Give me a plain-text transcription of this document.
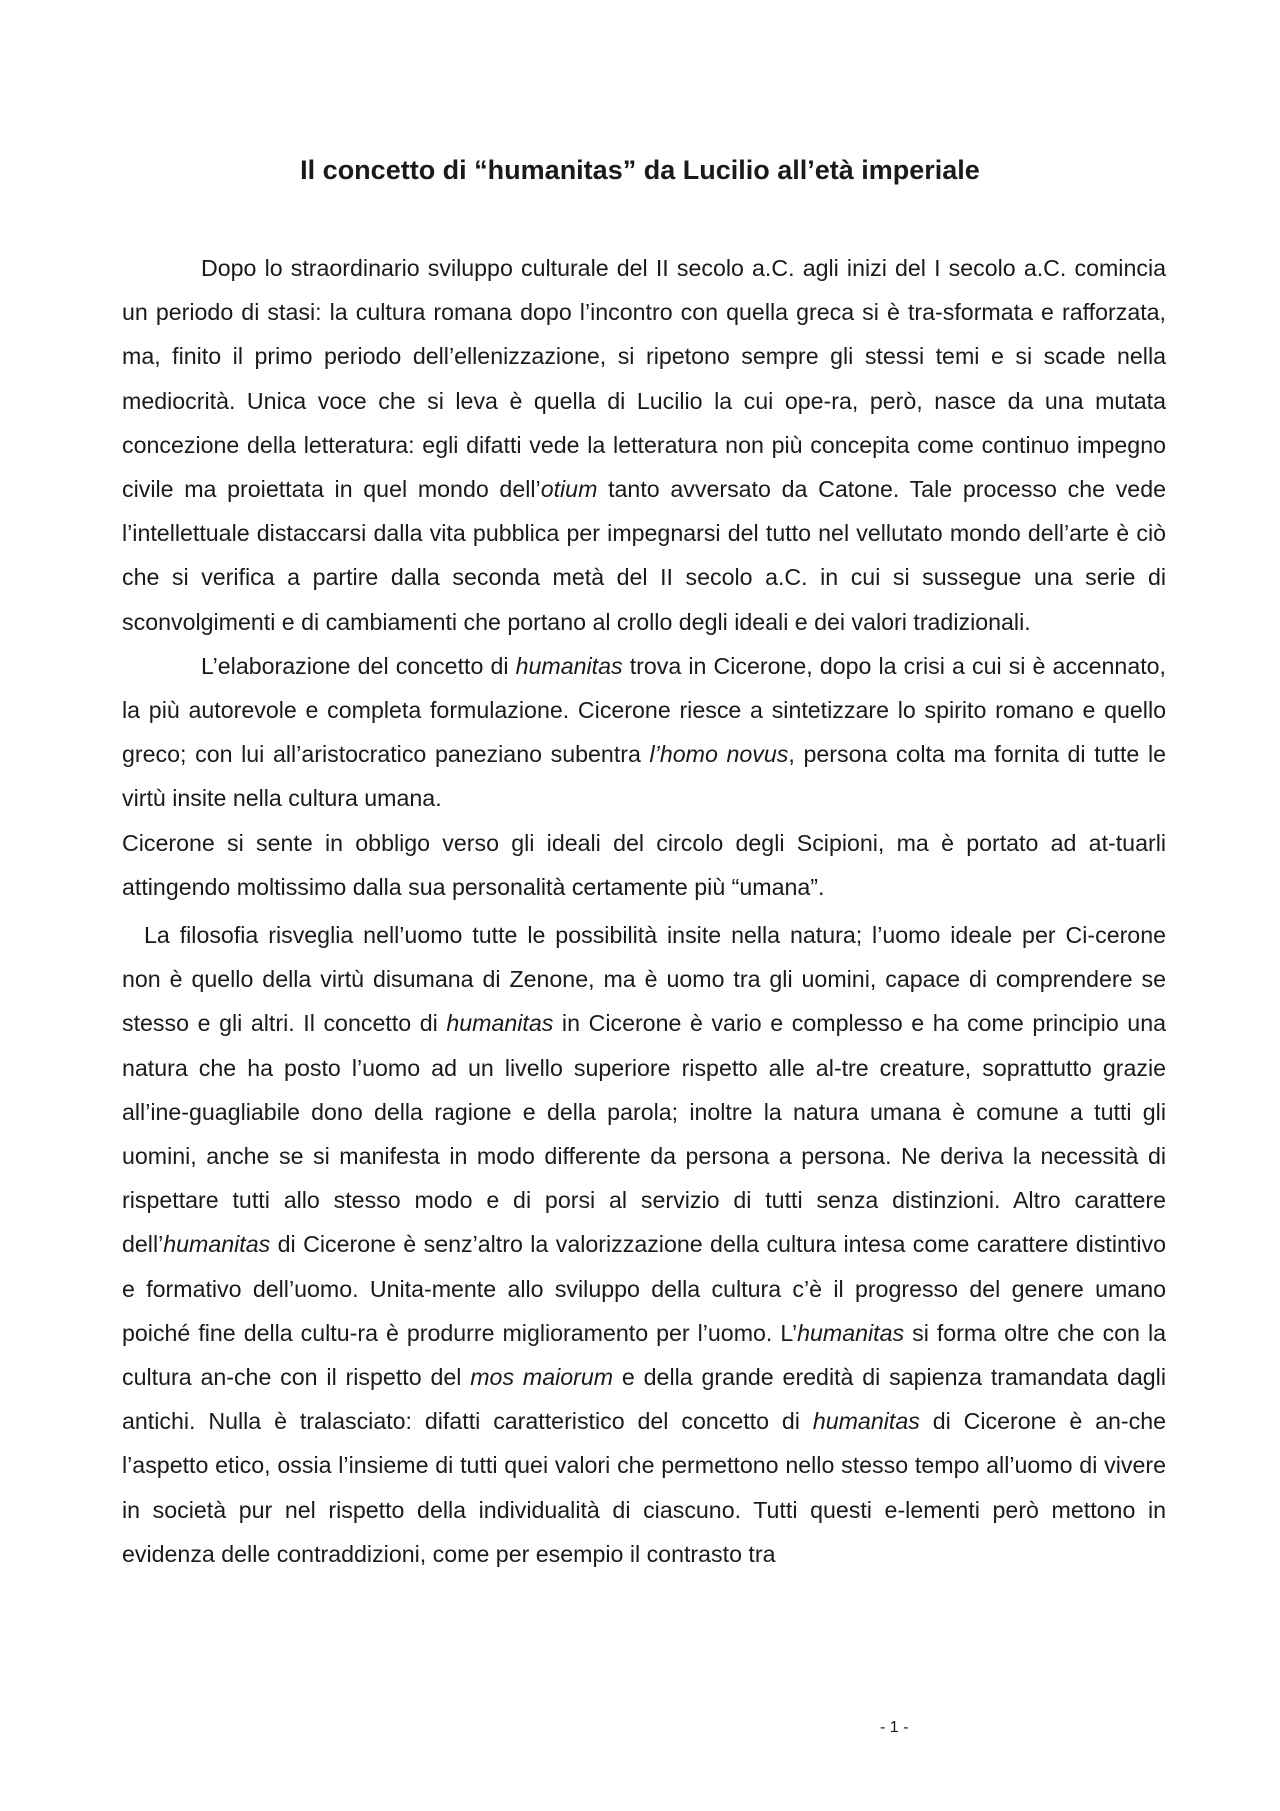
Il concetto di “humanitas” da Lucilio all’età imperiale

Dopo lo straordinario sviluppo culturale del II secolo a.C. agli inizi del I secolo a.C. comincia un periodo di stasi: la cultura romana dopo l’incontro con quella greca si è tra-sformata e rafforzata, ma, finito il primo periodo dell’ellenizzazione, si ripetono sempre gli stessi temi e si scade nella mediocrità. Unica voce che si leva è quella di Lucilio la cui ope-ra, però, nasce da una mutata concezione della letteratura: egli difatti vede la letteratura non più concepita come continuo impegno civile ma proiettata in quel mondo dell’otium tanto avversato da Catone. Tale processo che vede l’intellettuale distaccarsi dalla vita pubblica per impegnarsi del tutto nel vellutato mondo dell’arte è ciò che si verifica a partire dalla seconda metà del II secolo a.C. in cui si sussegue una serie di sconvolgimenti e di cambiamenti che portano al crollo degli ideali e dei valori tradizionali.

L’elaborazione del concetto di humanitas trova in Cicerone, dopo la crisi a cui si è accennato, la più autorevole e completa formulazione. Cicerone riesce a sintetizzare lo spirito romano e quello greco; con lui all’aristocratico paneziano subentra l’homo novus, persona colta ma fornita di tutte le virtù insite nella cultura umana.

Cicerone si sente in obbligo verso gli ideali del circolo degli Scipioni, ma è portato ad at-tuarli attingendo moltissimo dalla sua personalità certamente più “umana”.

La filosofia risveglia nell’uomo tutte le possibilità insite nella natura; l’uomo ideale per Ci-cerone non è quello della virtù disumana di Zenone, ma è uomo tra gli uomini, capace di comprendere se stesso e gli altri. Il concetto di humanitas in Cicerone è vario e complesso e ha come principio una natura che ha posto l’uomo ad un livello superiore rispetto alle al-tre creature, soprattutto grazie all’ine-guagliabile dono della ragione e della parola; inoltre la natura umana è comune a tutti gli uomini, anche se si manifesta in modo differente da persona a persona. Ne deriva la necessità di rispettare tutti allo stesso modo e di porsi al servizio di tutti senza distinzioni. Altro carattere dell’humanitas di Cicerone è senz’altro la valorizzazione della cultura intesa come carattere distintivo e formativo dell’uomo. Unita-mente allo sviluppo della cultura c’è il progresso del genere umano poiché fine della cultu-ra è produrre miglioramento per l’uomo. L’humanitas si forma oltre che con la cultura an-che con il rispetto del mos maiorum e della grande eredità di sapienza tramandata dagli antichi. Nulla è tralasciato: difatti caratteristico del concetto di humanitas di Cicerone è an-che l’aspetto etico, ossia l’insieme di tutti quei valori che permettono nello stesso tempo all’uomo di vivere in società pur nel rispetto della individualità di ciascuno. Tutti questi e-lementi però mettono in evidenza delle contraddizioni, come per esempio il contrasto tra

- 1 -
